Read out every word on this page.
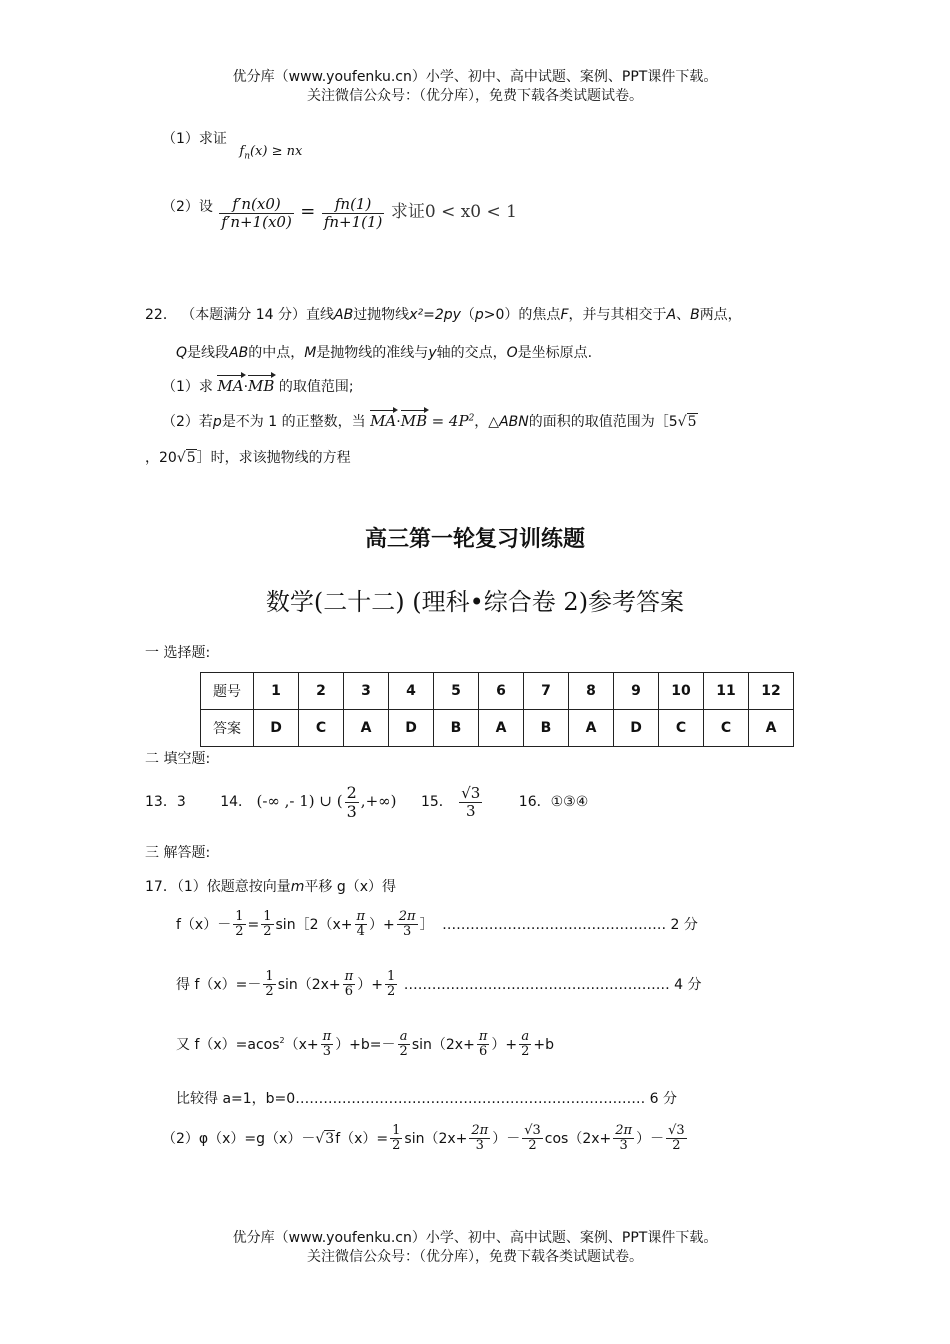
优分库（www.youfenku.cn）小学、初中、高中试题、案例、PPT课件下载。
关注微信公众号：（优分库），免费下载各类试题试卷。
（1）求证 $f_n(x)$ ≥ nx
（2）设 $\frac{f'n(x0)}{f'n+1(x0)} = \frac{fn(1)}{fn+1(1)}$ 求证0 < x0 < 1
22． （本题满分 14 分）直线AB过抛物线x²=2py（p>0）的焦点F，并与其相交于A、B两点，
Q是线段AB的中点，M是抛物线的准线与y轴的交点，O是坐标原点.
（1）求 MA·MB 的取值范围;
（2）若p是不为 1 的正整数，当 $MA\cdot MB = 4P^2$，△ABN的面积的取值范围为［5√5
，20√5］时，求该抛物线的方程
高三第一轮复习训练题
数学(二十二) (理科•综合卷 2)参考答案
一 选择题:
题号	1	2	3	4	5	6	7	8	9	10	11	12
答案	D	C	A	D	B	A	B	A	D	C	C	A
二 填空题:
13．3 14． (-∞ ,- 1) ∪ ( $\frac{2}{3}$ ,+∞) 15． $\frac{√3}{3}$	16．①③④
三 解答题:
17．（1）依题意按向量m平移 g（x）得
$f(x)- \frac{1}{2} = \frac{1}{2}$ sin［2（x+ $\frac{\pi}{4}$ ）+ $\frac{2\pi}{3}$ ］ ………………………………………… 2 分
得 $f(x)=- \frac{1}{2} \sin(2x+ \frac{\pi}{6}$ ）+ $\frac{1}{2}$ ………………………………………………… 4 分
又 $f(x)=acos^2(x+ \frac{\pi}{3} )+b=- \frac{a}{2} \sin(2x+ \frac{\pi}{6}$ ）+ $\frac{a}{2} +b$
比较得 a=1，b=0………………………………………………………………… 6 分
$(2)\varphi(x)=g(x)-√3f(x)= \frac{1}{2} \sin(2x+ \frac{2\pi}{3}$ ）－ $\frac{√3}{2} \cos(2x+ \frac{2\pi}{3}$ ）－ $\frac{√3}{2}$
优分库（www.youfenku.cn）小学、初中、高中试题、案例、PPT课件下载。
关注微信公众号：（优分库），免费下载各类试题试卷。
